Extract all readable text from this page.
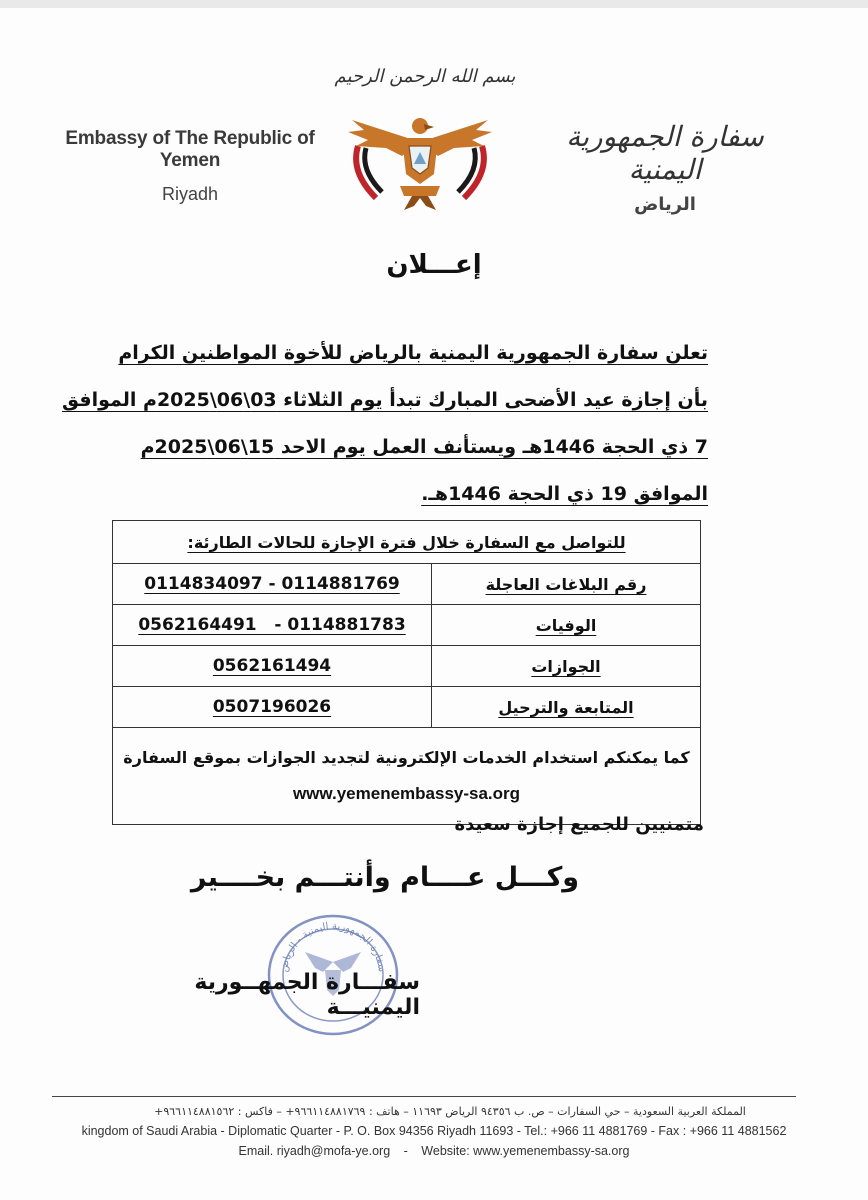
بسم الله الرحمن الرحيم
Embassy of The Republic of Yemen
Riyadh
سفارة الجمهورية اليمنية
الرياض
إعـــلان
تعلن سفارة الجمهورية اليمنية بالرياض للأخوة المواطنين الكرام
بأن إجازة عيد الأضحى المبارك تبدأ يوم الثلاثاء 03\06\2025م الموافق
7 ذي الحجة 1446هـ ويستأنف العمل يوم الاحد 15\06\2025م
الموافق 19 ذي الحجة 1446هـ.
للتواصل مع السفارة خلال فترة الإجازة للحالات الطارئة:	
رقم البلاغات العاجلة	0114834097 - 0114881769
الوفيات	0562164491   - 0114881783
الجوازات	0562161494
المتابعة والترحيل	0507196026
كما يمكنكم استخدام الخدمات الإلكترونية لتجديد الجوازات بموقع السفارة
www.yemenembassy-sa.org	
متمنيين للجميع إجازة سعيدة
وكـــل عــــام وأنتـــم بخــــير
سفارة الجمهورية اليمنية - الرياض
سفـــارة الجمهــورية اليمنيـــة
المملكة العربية السعودية – حي السفارات – ص. ب ٩٤٣٥٦ الرياض ١١٦٩٣ – هاتف : ٩٦٦١١٤٨٨١٧٦٩+ – فاكس : ٩٦٦١١٤٨٨١٥٦٢+
kingdom of Saudi Arabia - Diplomatic Quarter - P. O. Box 94356 Riyadh 11693 - Tel.: +966 11 4881769 - Fax : +966 11 4881562
Email. riyadh@mofa-ye.org - Website: www.yemenembassy-sa.org
